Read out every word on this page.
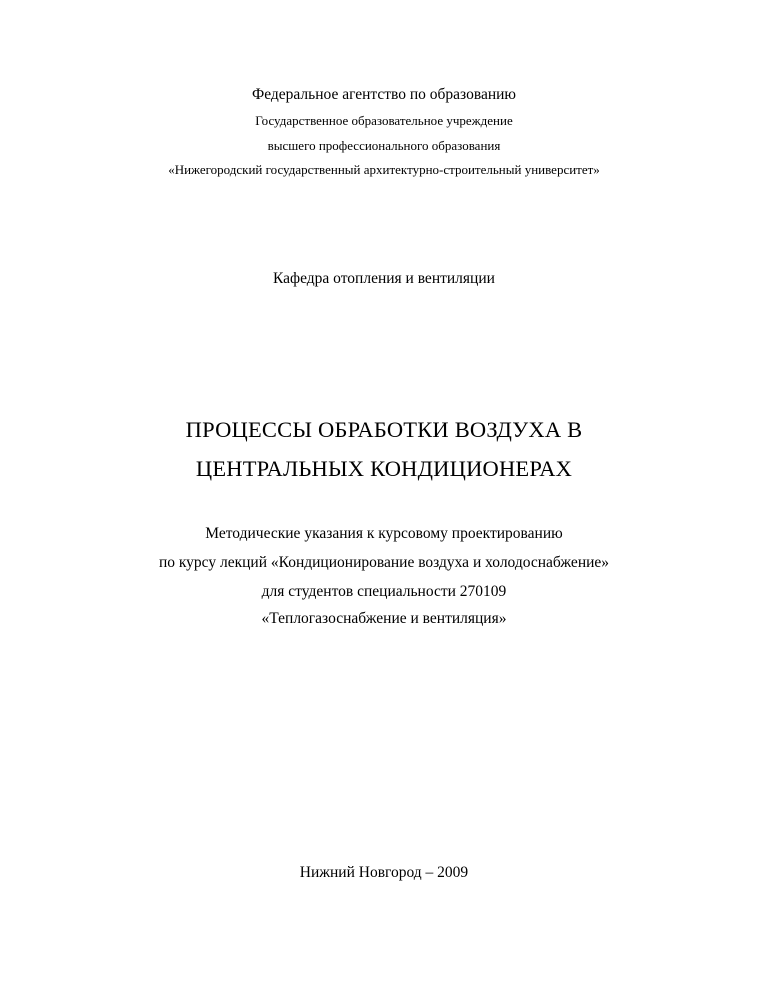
Федеральное агентство по образованию
Государственное образовательное учреждение
высшего профессионального образования
«Нижегородский государственный архитектурно-строительный университет»
Кафедра отопления и вентиляции
ПРОЦЕССЫ ОБРАБОТКИ ВОЗДУХА В
ЦЕНТРАЛЬНЫХ КОНДИЦИОНЕРАХ
Методические указания к курсовому проектированию
по курсу лекций «Кондиционирование воздуха и холодоснабжение»
для студентов специальности 270109
«Теплогазоснабжение и вентиляция»
Нижний Новгород – 2009
